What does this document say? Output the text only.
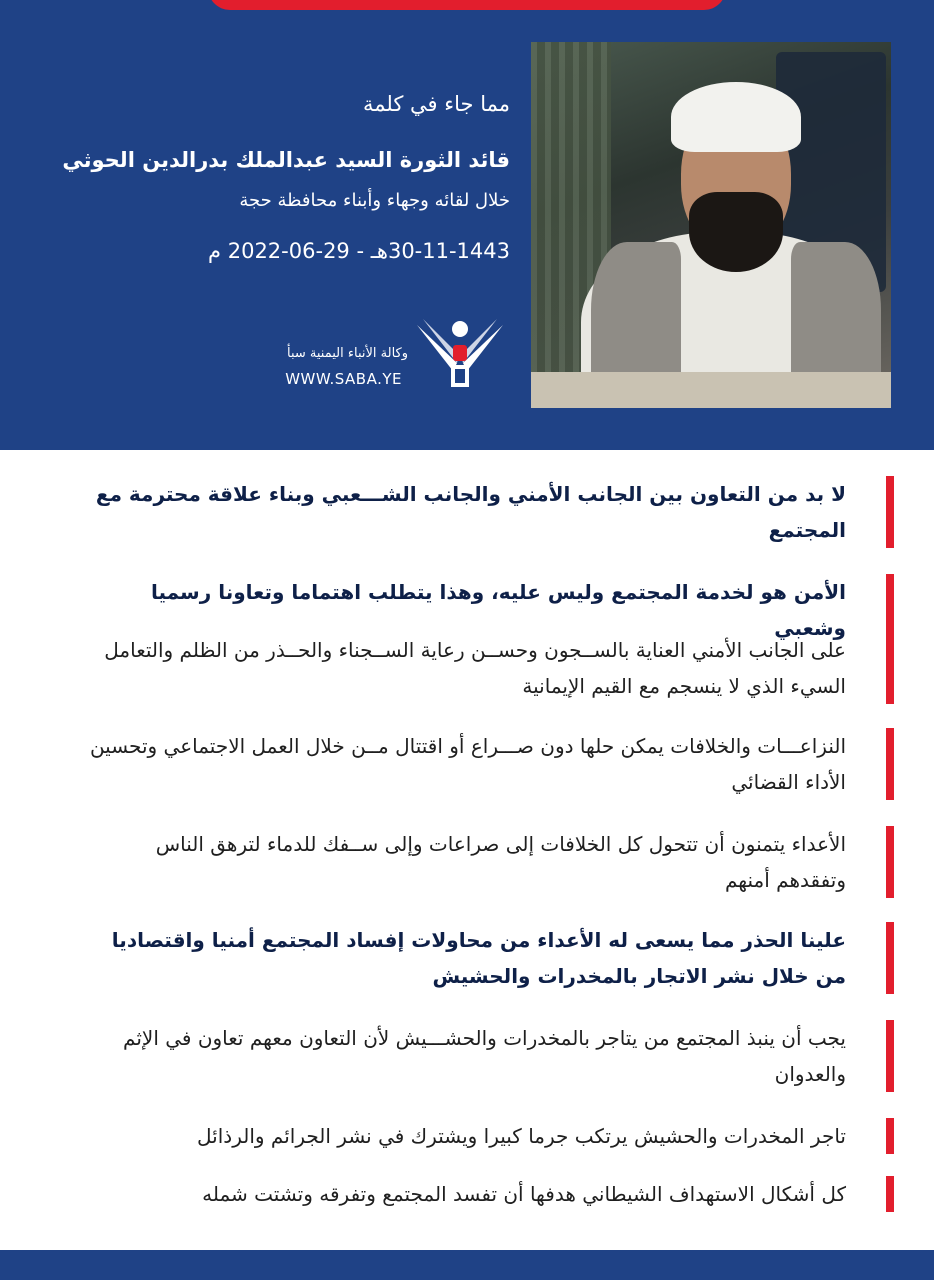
مما جاء في كلمة
قائد الثورة السيد عبدالملك بدرالدين الحوثي
خلال لقائه وجهاء وأبناء محافظة حجة
30-11-1443هـ - 29-06-2022 م
وكالة الأنباء اليمنية سبأ
WWW.SABA.YE
لا بد من التعاون بين الجانب الأمني والجانب الشـــعبي وبناء علاقة محترمة مع المجتمع
الأمن هو لخدمة المجتمع وليس عليه، وهذا يتطلب اهتماما وتعاونا رسميا وشعبي
على الجانب الأمني العناية بالســجون وحســن رعاية الســجناء والحــذر من الظلم والتعامل السيء الذي لا ينسجم مع القيم الإيمانية
النزاعـــات والخلافات يمكن حلها دون صـــراع أو اقتتال مــن خلال العمل الاجتماعي وتحسين الأداء القضائي
الأعداء يتمنون أن تتحول كل الخلافات إلى صراعات وإلى ســفك للدماء لترهق الناس وتفقدهم أمنهم
علينا الحذر مما يسعى له الأعداء من محاولات إفساد المجتمع أمنيا واقتصاديا من خلال نشر الاتجار بالمخدرات والحشيش
يجب أن ينبذ المجتمع من يتاجر بالمخدرات والحشـــيش لأن التعاون معهم تعاون في الإثم والعدوان
تاجر المخدرات والحشيش يرتكب جرما كبيرا ويشترك في نشر الجرائم والرذائل
كل أشكال الاستهداف الشيطاني هدفها أن تفسد المجتمع وتفرقه وتشتت شمله
